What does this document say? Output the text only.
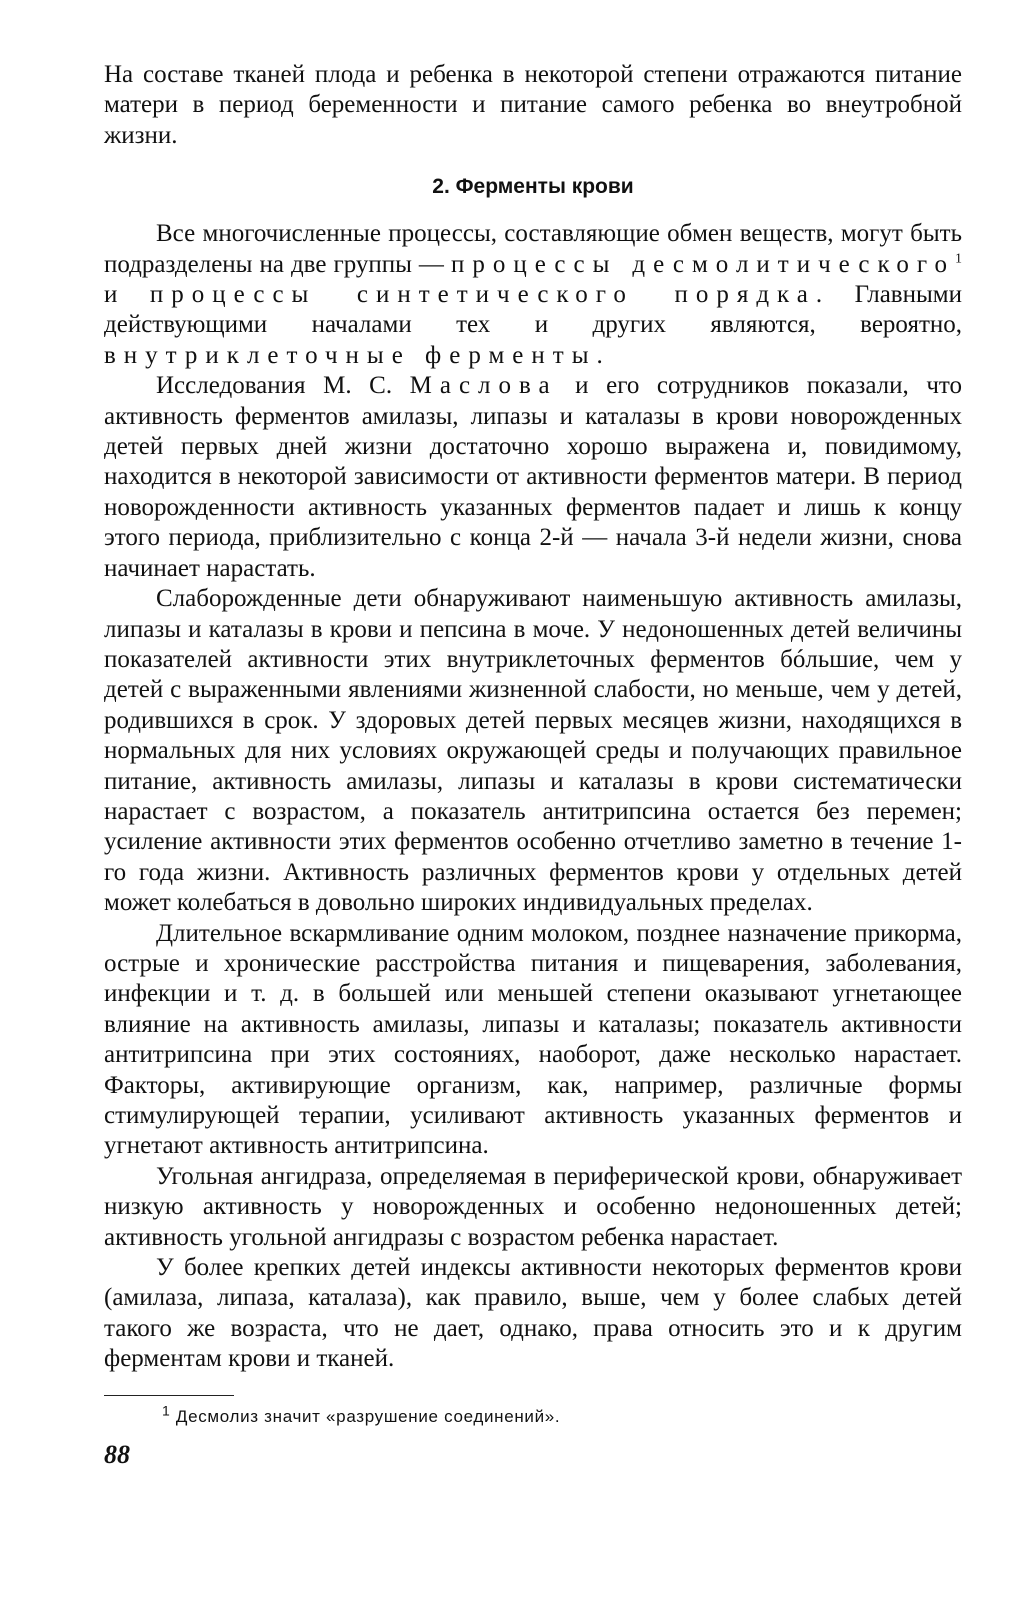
На составе тканей плода и ребенка в некоторой степени отражаются питание матери в период беременности и питание самого ребенка во внеутробной жизни.

2. Ферменты крови

Все многочисленные процессы, составляющие обмен веществ, могут быть подразделены на две группы — процессы десмолитического$^1$ и процессы синтетического порядка. Главными действующими началами тех и других являются, вероятно, внутриклеточные ферменты.

Исследования М. С. Маслова и его сотрудников показали, что активность ферментов амилазы, липазы и каталазы в крови новорожденных детей первых дней жизни достаточно хорошо выражена и, повидимому, находится в некоторой зависимости от активности ферментов матери. В период новорожденности активность указанных ферментов падает и лишь к концу этого периода, приблизительно с конца 2-й — начала 3-й недели жизни, снова начинает нарастать.

Слаборожденные дети обнаруживают наименьшую активность амилазы, липазы и каталазы в крови и пепсина в моче. У недоношенных детей величины показателей активности этих внутриклеточных ферментов бóльшие, чем у детей с выраженными явлениями жизненной слабости, но меньше, чем у детей, родившихся в срок. У здоровых детей первых месяцев жизни, находящихся в нормальных для них условиях окружающей среды и получающих правильное питание, активность амилазы, липазы и каталазы в крови систематически нарастает с возрастом, а показатель антитрипсина остается без перемен; усиление активности этих ферментов особенно отчетливо заметно в течение 1-го года жизни. Активность различных ферментов крови у отдельных детей может колебаться в довольно широких индивидуальных пределах.

Длительное вскармливание одним молоком, позднее назначение прикорма, острые и хронические расстройства питания и пищеварения, заболевания, инфекции и т. д. в большей или меньшей степени оказывают угнетающее влияние на активность амилазы, липазы и каталазы; показатель активности антитрипсина при этих состояниях, наоборот, даже несколько нарастает. Факторы, активирующие организм, как, например, различные формы стимулирующей терапии, усиливают активность указанных ферментов и угнетают активность антитрипсина.

Угольная ангидраза, определяемая в периферической крови, обнаруживает низкую активность у новорожденных и особенно недоношенных детей; активность угольной ангидразы с возрастом ребенка нарастает.

У более крепких детей индексы активности некоторых ферментов крови (амилаза, липаза, каталаза), как правило, выше, чем у более слабых детей такого же возраста, что не дает, однако, права относить это и к другим ферментам крови и тканей.

$^1$ Десмолиз значит «разрушение соединений».

88
